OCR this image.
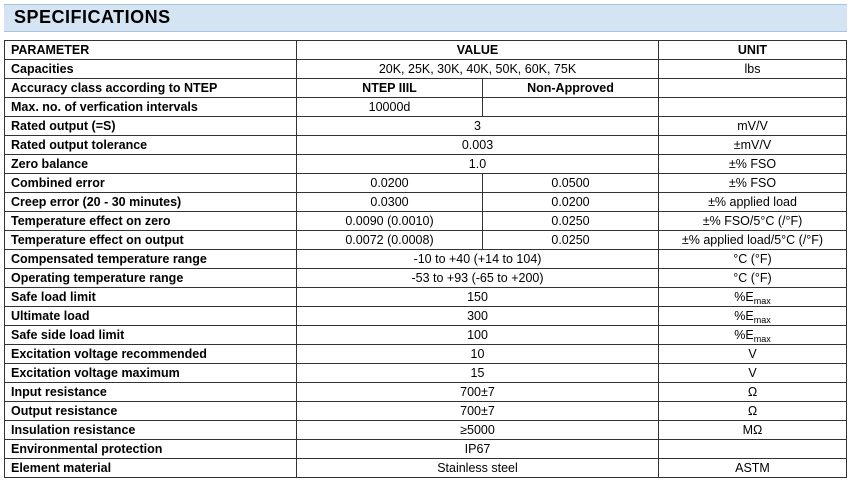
SPECIFICATIONS
PARAMETER	VALUE		UNIT
Capacities	20K, 25K, 30K, 40K, 50K, 60K, 75K		lbs
Accuracy class according to NTEP	NTEP IIIL	Non-Approved	
Max. no. of verfication intervals	10000d		
Rated output (=S)	3		mV/V
Rated output tolerance	0.003		±mV/V
Zero balance	1.0		±% FSO
Combined error	0.0200	0.0500	±% FSO
Creep error (20 - 30 minutes)	0.0300	0.0200	±% applied load
Temperature effect on zero	0.0090 (0.0010)	0.0250	±% FSO/5°C (/°F)
Temperature effect on output	0.0072 (0.0008)	0.0250	±% applied load/5°C (/°F)
Compensated temperature range	-10 to +40 (+14 to 104)		°C (°F)
Operating temperature range	-53 to +93 (-65 to +200)		°C (°F)
Safe load limit	150		$\%E_{max}$
Ultimate load	300		$\%E_{max}$
Safe side load limit	100		$\%E_{max}$
Excitation voltage recommended	10		V
Excitation voltage maximum	15		V
Input resistance	700±7		Ω
Output resistance	700±7		Ω
Insulation resistance	≥5000		MΩ
Environmental protection	IP67		
Element material	Stainless steel		ASTM
